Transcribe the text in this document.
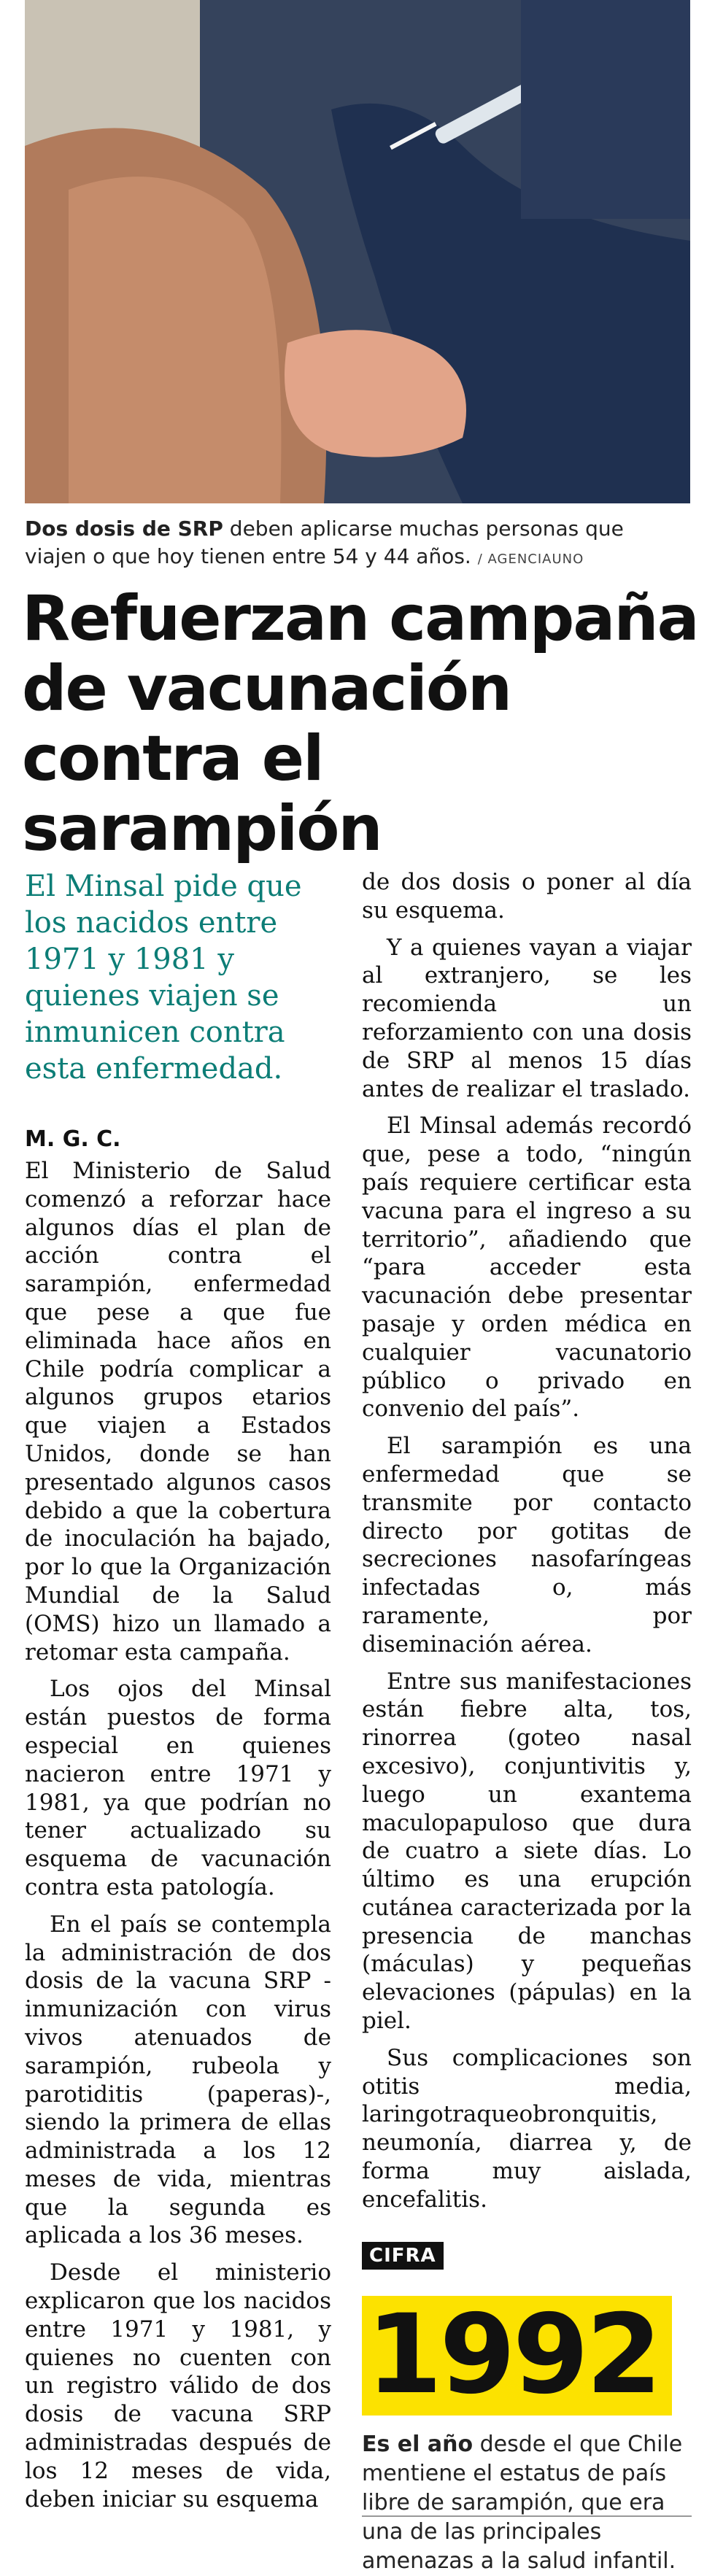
Dos dosis de SRP deben aplicarse muchas personas que viajen o que hoy tienen entre 54 y 44 años. / AGENCIAUNO
Refuerzan campaña de vacunación contra el sarampión

El Minsal pide que los nacidos entre 1971 y 1981 y quienes viajen se inmunicen contra esta enfermedad.

M. G. C.

El Ministerio de Salud comenzó a reforzar hace algunos días el plan de acción contra el sarampión, enfermedad que pese a que fue eliminada hace años en Chile podría complicar a algunos grupos etarios que viajen a Estados Unidos, donde se han presentado algunos casos debido a que la cobertura de inoculación ha bajado, por lo que la Organización Mundial de la Salud (OMS) hizo un llamado a retomar esta campaña.

Los ojos del Minsal están puestos de forma especial en quienes nacieron entre 1971 y 1981, ya que podrían no tener actualizado su esquema de vacunación contra esta patología.

En el país se contempla la administración de dos dosis de la vacuna SRP -inmunización con virus vivos atenuados de sarampión, rubeola y parotiditis (paperas)-, siendo la primera de ellas administrada a los 12 meses de vida, mientras que la segunda es aplicada a los 36 meses.

Desde el ministerio explicaron que los nacidos entre 1971 y 1981, y quienes no cuenten con un registro válido de dos dosis de vacuna SRP administradas después de los 12 meses de vida, deben iniciar su esquema

de dos dosis o poner al día su esquema.

Y a quienes vayan a viajar al extranjero, se les recomienda un reforzamiento con una dosis de SRP al menos 15 días antes de realizar el traslado.

El Minsal además recordó que, pese a todo, “ningún país requiere certificar esta vacuna para el ingreso a su territorio”, añadiendo que “para acceder esta vacunación debe presentar pasaje y orden médica en cualquier vacunatorio público o privado en convenio del país”.

El sarampión es una enfermedad que se transmite por contacto directo por gotitas de secreciones nasofaríngeas infectadas o, más raramente, por diseminación aérea.

Entre sus manifestaciones están fiebre alta, tos, rinorrea (goteo nasal excesivo), conjuntivitis y, luego un exantema maculopapuloso que dura de cuatro a siete días. Lo último es una erupción cutánea caracterizada por la presencia de manchas (máculas) y pequeñas elevaciones (pápulas) en la piel.

Sus complicaciones son otitis media, laringotraqueobronquitis, neumonía, diarrea y, de forma muy aislada, encefalitis.

CIFRA
1992
Es el año desde el que Chile mentiene el estatus de país libre de sarampión, que era una de las principales amenazas a la salud infantil.
